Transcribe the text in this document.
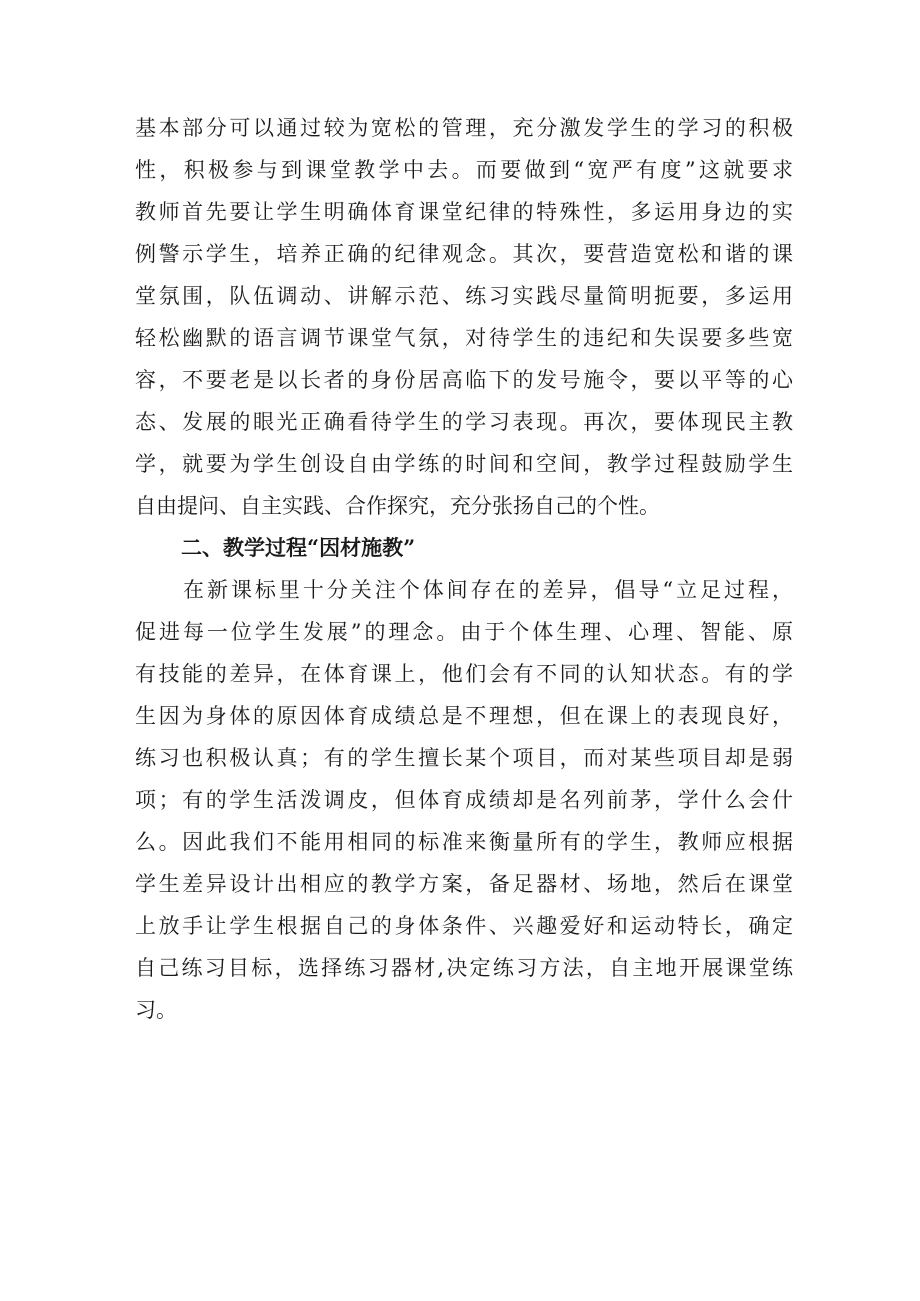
基本部分可以通过较为宽松的管理，充分激发学生的学习的积极
性，积极参与到课堂教学中去。而要做到“宽严有度”这就要求
教师首先要让学生明确体育课堂纪律的特殊性，多运用身边的实
例警示学生，培养正确的纪律观念。其次，要营造宽松和谐的课
堂氛围，队伍调动、讲解示范、练习实践尽量简明扼要，多运用
轻松幽默的语言调节课堂气氛，对待学生的违纪和失误要多些宽
容，不要老是以长者的身份居高临下的发号施令，要以平等的心
态、发展的眼光正确看待学生的学习表现。再次，要体现民主教
学，就要为学生创设自由学练的时间和空间，教学过程鼓励学生
自由提问、自主实践、合作探究，充分张扬自己的个性。
二、教学过程“因材施教”
在新课标里十分关注个体间存在的差异，倡导“立足过程，
促进每一位学生发展”的理念。由于个体生理、心理、智能、原
有技能的差异，在体育课上，他们会有不同的认知状态。有的学
生因为身体的原因体育成绩总是不理想，但在课上的表现良好，
练习也积极认真；有的学生擅长某个项目，而对某些项目却是弱
项；有的学生活泼调皮，但体育成绩却是名列前茅，学什么会什
么。因此我们不能用相同的标准来衡量所有的学生，教师应根据
学生差异设计出相应的教学方案，备足器材、场地，然后在课堂
上放手让学生根据自己的身体条件、兴趣爱好和运动特长，确定
自己练习目标，选择练习器材,决定练习方法，自主地开展课堂练
习。
